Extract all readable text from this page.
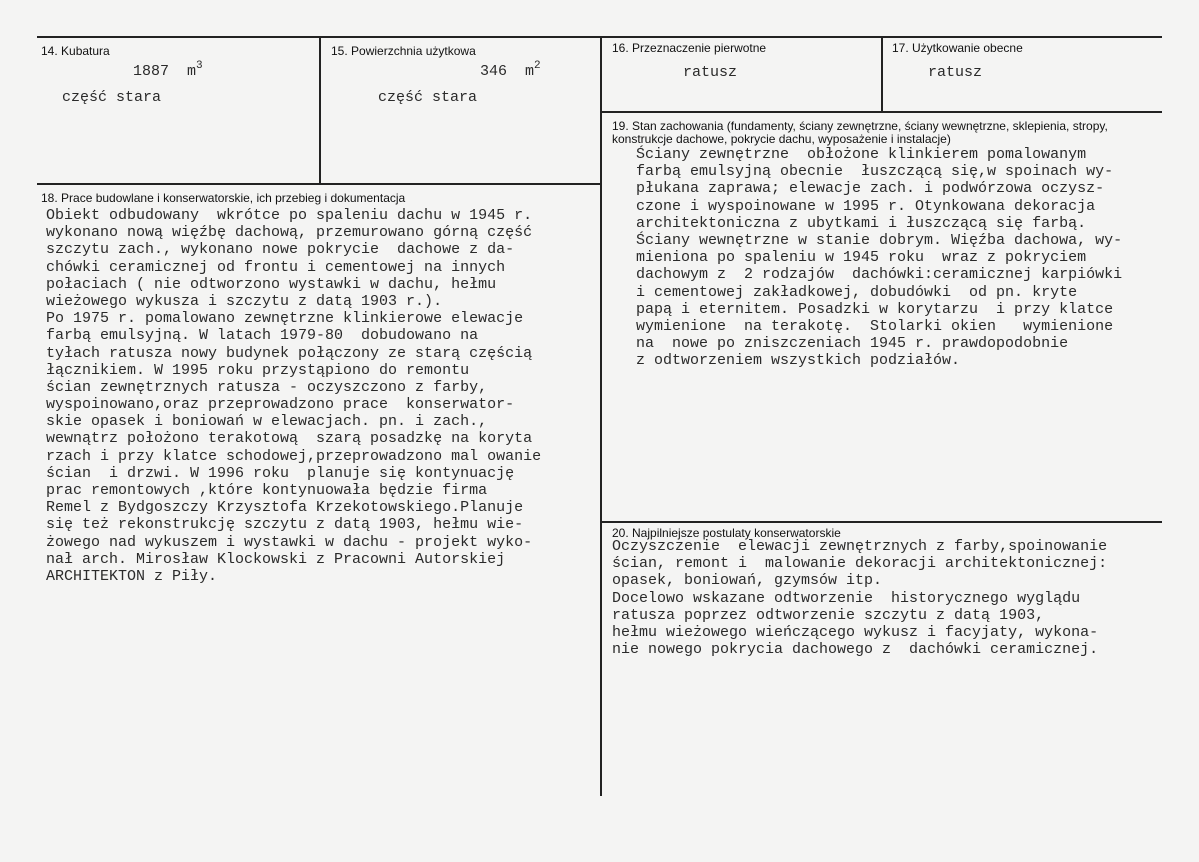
14. Kubatura
1887 $m^3$
część stara
15. Powierzchnia użytkowa
346 $m^2$
część stara
16. Przeznaczenie pierwotne
ratusz
17. Użytkowanie obecne
ratusz
18. Prace budowlane i konserwatorskie, ich przebieg i dokumentacja
Obiekt odbudowany  wkrótce po spaleniu dachu w 1945 r.
wykonano nową więźbę dachową, przemurowano górną część
szczytu zach., wykonano nowe pokrycie  dachowe z da-
chówki ceramicznej od frontu i cementowej na innych
połaciach ( nie odtworzono wystawki w dachu, hełmu
wieżowego wykusza i szczytu z datą 1903 r.).
Po 1975 r. pomalowano zewnętrzne klinkierowe elewacje
farbą emulsyjną. W latach 1979-80  dobudowano na
tyłach ratusza nowy budynek połączony ze starą częścią
łącznikiem. W 1995 roku przystąpiono do remontu
ścian zewnętrznych ratusza - oczyszczono z farby,
wyspoinowano,oraz przeprowadzono prace  konserwator-
skie opasek i boniowań w elewacjach. pn. i zach.,
wewnątrz położono terakotową  szarą posadzkę na koryta
rzach i przy klatce schodowej,przeprowadzono mal owanie
ścian  i drzwi. W 1996 roku  planuje się kontynuację
prac remontowych ,które kontynuowała będzie firma
Remel z Bydgoszczy Krzysztofa Krzekotowskiego.Planuje
się też rekonstrukcję szczytu z datą 1903, hełmu wie-
żowego nad wykuszem i wystawki w dachu - projekt wyko-
nał arch. Mirosław Klockowski z Pracowni Autorskiej
ARCHITEKTON z Piły.
19. Stan zachowania (fundamenty, ściany zewnętrzne, ściany wewnętrzne, sklepienia, stropy,
konstrukcje dachowe, pokrycie dachu, wyposażenie i instalacje)
Ściany zewnętrzne  obłożone klinkierem pomalowanym
farbą emulsyjną obecnie  łuszczącą się,w spoinach wy-
płukana zaprawa; elewacje zach. i podwórzowa oczysz-
czone i wyspoinowane w 1995 r. Otynkowana dekoracja
architektoniczna z ubytkami i łuszczącą się farbą.
Ściany wewnętrzne w stanie dobrym. Więźba dachowa, wy-
mieniona po spaleniu w 1945 roku  wraz z pokryciem
dachowym z  2 rodzajów  dachówki:ceramicznej karpiówki
i cementowej zakładkowej, dobudówki  od pn. kryte
papą i eternitem. Posadzki w korytarzu  i przy klatce
wymienione  na terakotę.  Stolarki okien   wymienione
na  nowe po zniszczeniach 1945 r. prawdopodobnie
z odtworzeniem wszystkich podziałów.
20. Najpilniejsze postulaty konserwatorskie
Oczyszczenie  elewacji zewnętrznych z farby,spoinowanie
ścian, remont i  malowanie dekoracji architektonicznej:
opasek, boniowań, gzymsów itp.
Docelowo wskazane odtworzenie  historycznego wyglądu
ratusza poprzez odtworzenie szczytu z datą 1903,
hełmu wieżowego wieńczącego wykusz i facyjaty, wykona-
nie nowego pokrycia dachowego z  dachówki ceramicznej.
